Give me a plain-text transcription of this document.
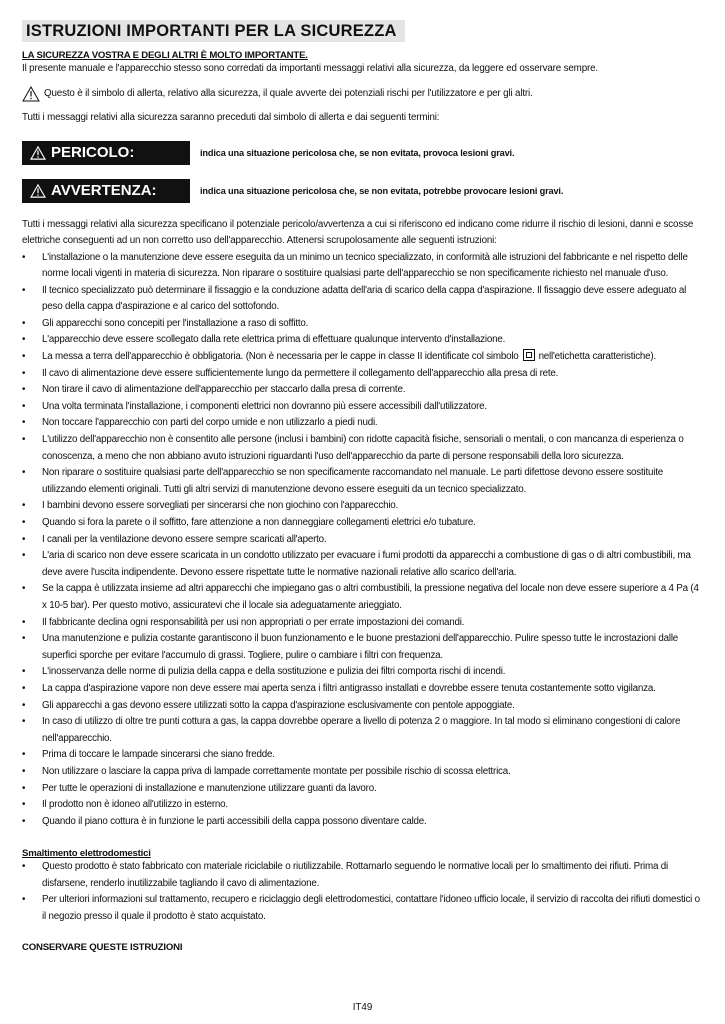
ISTRUZIONI IMPORTANTI PER LA SICUREZZA
LA SICUREZZA VOSTRA E DEGLI ALTRI È MOLTO IMPORTANTE.
Il presente manuale e l'apparecchio stesso sono corredati da importanti messaggi relativi alla sicurezza, da leggere ed osservare sempre.
Questo è il simbolo di allerta, relativo alla sicurezza, il quale avverte dei potenziali rischi per l'utilizzatore e per gli altri.
Tutti i messaggi relativi alla sicurezza saranno preceduti dal simbolo di allerta e dai seguenti termini:
PERICOLO:	indica una situazione pericolosa che, se non evitata, provoca lesioni gravi.
AVVERTENZA:	indica una situazione pericolosa che, se non evitata, potrebbe provocare lesioni gravi.
Tutti i messaggi relativi alla sicurezza specificano il potenziale pericolo/avvertenza a cui si riferiscono ed indicano come ridurre il rischio di lesioni, danni e scosse elettriche conseguenti ad un non corretto uso dell'apparecchio. Attenersi scrupolosamente alle seguenti istruzioni:
• L'installazione o la manutenzione deve essere eseguita da un minimo un tecnico specializzato, in conformità alle istruzioni del fabbricante e nel rispetto delle norme locali vigenti in materia di sicurezza. Non riparare o sostituire qualsiasi parte dell'apparecchio se non specificamente richiesto nel manuale d'uso.
• Il tecnico specializzato può determinare il fissaggio e la conduzione adatta dell'aria di scarico della cappa d'aspirazione. Il fissaggio deve essere adeguato al peso della cappa d'aspirazione e al carico del sottofondo.
• Gli apparecchi sono concepiti per l'installazione a raso di soffitto.
• L'apparecchio deve essere scollegato dalla rete elettrica prima di effettuare qualunque intervento d'installazione.
• La messa a terra dell'apparecchio è obbligatoria. (Non è necessaria per le cappe in classe II identificate col simbolo nell'etichetta caratteristiche).
• Il cavo di alimentazione deve essere sufficientemente lungo da permettere il collegamento dell'apparecchio alla presa di rete.
• Non tirare il cavo di alimentazione dell'apparecchio per staccarlo dalla presa di corrente.
• Una volta terminata l'installazione, i componenti elettrici non dovranno più essere accessibili dall'utilizzatore.
• Non toccare l'apparecchio con parti del corpo umide e non utilizzarlo a piedi nudi.
• L'utilizzo dell'apparecchio non è consentito alle persone (inclusi i bambini) con ridotte capacità fisiche, sensoriali o mentali, o con mancanza di esperienza o conoscenza, a meno che non abbiano avuto istruzioni riguardanti l'uso dell'apparecchio da parte di persone responsabili della loro sicurezza.
• Non riparare o sostituire qualsiasi parte dell'apparecchio se non specificamente raccomandato nel manuale. Le parti difettose devono essere sostituite utilizzando elementi originali. Tutti gli altri servizi di manutenzione devono essere eseguiti da un tecnico specializzato.
• I bambini devono essere sorvegliati per sincerarsi che non giochino con l'apparecchio.
• Quando si fora la parete o il soffitto, fare attenzione a non danneggiare collegamenti elettrici e/o tubature.
• I canali per la ventilazione devono essere sempre scaricati all'aperto.
• L'aria di scarico non deve essere scaricata in un condotto utilizzato per evacuare i fumi prodotti da apparecchi a combustione di gas o di altri combustibili, ma deve avere l'uscita indipendente. Devono essere rispettate tutte le normative nazionali relative allo scarico dell'aria.
• Se la cappa è utilizzata insieme ad altri apparecchi che impiegano gas o altri combustibili, la pressione negativa del locale non deve essere superiore a 4 Pa (4 x 10-5 bar). Per questo motivo, assicuratevi che il locale sia adeguatamente arieggiato.
• Il fabbricante declina ogni responsabilità per usi non appropriati o per errate impostazioni dei comandi.
• Una manutenzione e pulizia costante garantiscono il buon funzionamento e le buone prestazioni dell'apparecchio. Pulire spesso tutte le incrostazioni dalle superfici sporche per evitare l'accumulo di grassi. Togliere, pulire o cambiare i filtri con frequenza.
• L'inosservanza delle norme di pulizia della cappa e della sostituzione e pulizia dei filtri comporta rischi di incendi.
• La cappa d'aspirazione vapore non deve essere mai aperta senza i filtri antigrasso installati e dovrebbe essere tenuta costantemente sotto vigilanza.
• Gli apparecchi a gas devono essere utilizzati sotto la cappa d'aspirazione esclusivamente con pentole appoggiate.
• In caso di utilizzo di oltre tre punti cottura a gas, la cappa dovrebbe operare a livello di potenza 2 o maggiore. In tal modo si eliminano congestioni di calore nell'apparecchio.
• Prima di toccare le lampade sincerarsi che siano fredde.
• Non utilizzare o lasciare la cappa priva di lampade correttamente montate per possibile rischio di scossa elettrica.
• Per tutte le operazioni di installazione e manutenzione utilizzare guanti da lavoro.
• Il prodotto non è idoneo all'utilizzo in esterno.
• Quando il piano cottura è in funzione le parti accessibili della cappa possono diventare calde.
Smaltimento elettrodomestici
• Questo prodotto è stato fabbricato con materiale riciclabile o riutilizzabile. Rottamarlo seguendo le normative locali per lo smaltimento dei rifiuti. Prima di disfarsene, renderlo inutilizzabile tagliando il cavo di alimentazione.
• Per ulteriori informazioni sul trattamento, recupero e riciclaggio degli elettrodomestici, contattare l'idoneo ufficio locale, il servizio di raccolta dei rifiuti domestici o il negozio presso il quale il prodotto è stato acquistato.
CONSERVARE QUESTE ISTRUZIONI
IT49
